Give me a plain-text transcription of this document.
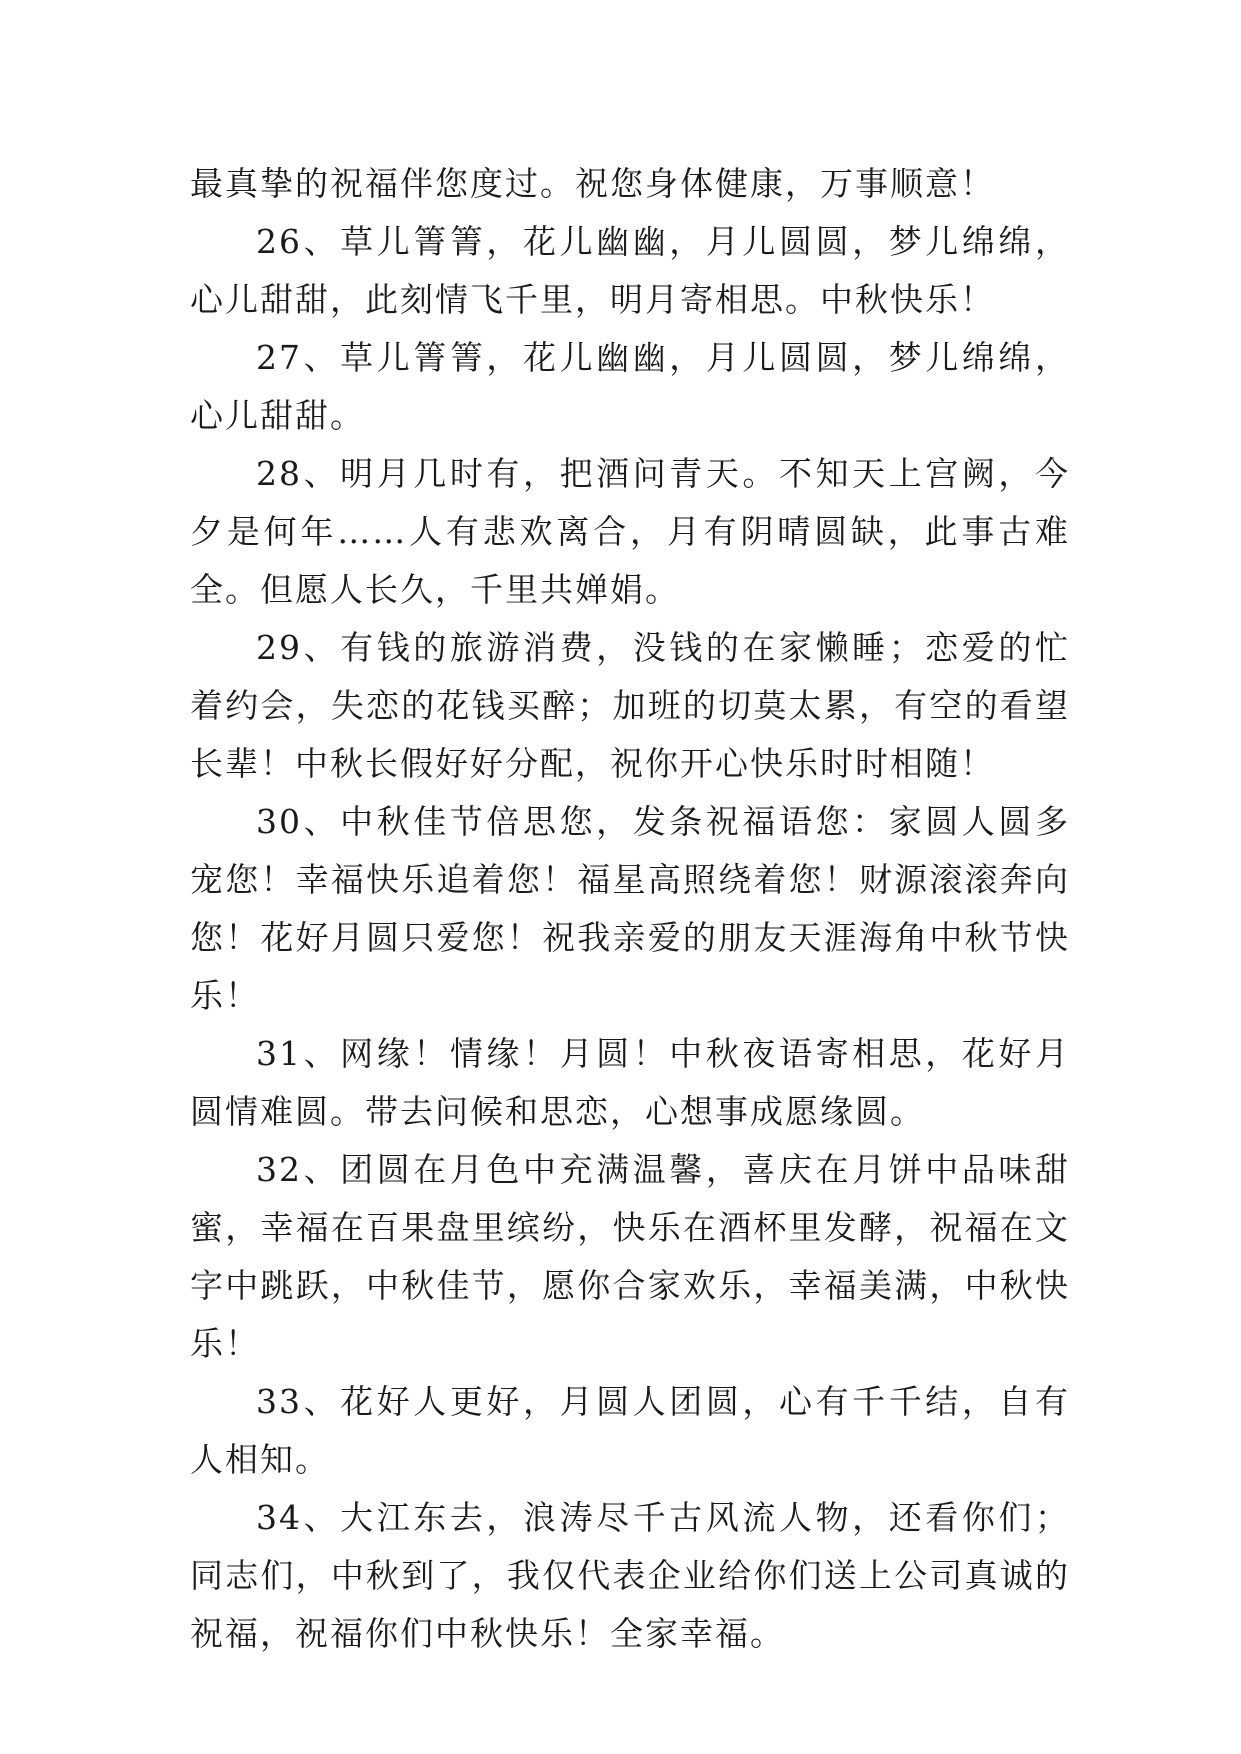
最真挚的祝福伴您度过。祝您身体健康，万事顺意！

26、草儿箐箐，花儿幽幽，月儿圆圆，梦儿绵绵，心儿甜甜，此刻情飞千里，明月寄相思。中秋快乐！

27、草儿箐箐，花儿幽幽，月儿圆圆，梦儿绵绵，心儿甜甜。

28、明月几时有，把酒问青天。不知天上宫阙，今夕是何年……人有悲欢离合，月有阴晴圆缺，此事古难全。但愿人长久，千里共婵娟。

29、有钱的旅游消费，没钱的在家懒睡；恋爱的忙着约会，失恋的花钱买醉；加班的切莫太累，有空的看望长辈！中秋长假好好分配，祝你开心快乐时时相随！

30、中秋佳节倍思您，发条祝福语您：家圆人圆多宠您！幸福快乐追着您！福星高照绕着您！财源滚滚奔向您！花好月圆只爱您！祝我亲爱的朋友天涯海角中秋节快乐！

31、网缘！情缘！月圆！中秋夜语寄相思，花好月圆情难圆。带去问候和思恋，心想事成愿缘圆。

32、团圆在月色中充满温馨，喜庆在月饼中品味甜蜜，幸福在百果盘里缤纷，快乐在酒杯里发酵，祝福在文字中跳跃，中秋佳节，愿你合家欢乐，幸福美满，中秋快乐！

33、花好人更好，月圆人团圆，心有千千结，自有人相知。

34、大江东去，浪涛尽千古风流人物，还看你们；同志们，中秋到了，我仅代表企业给你们送上公司真诚的祝福，祝福你们中秋快乐！全家幸福。
